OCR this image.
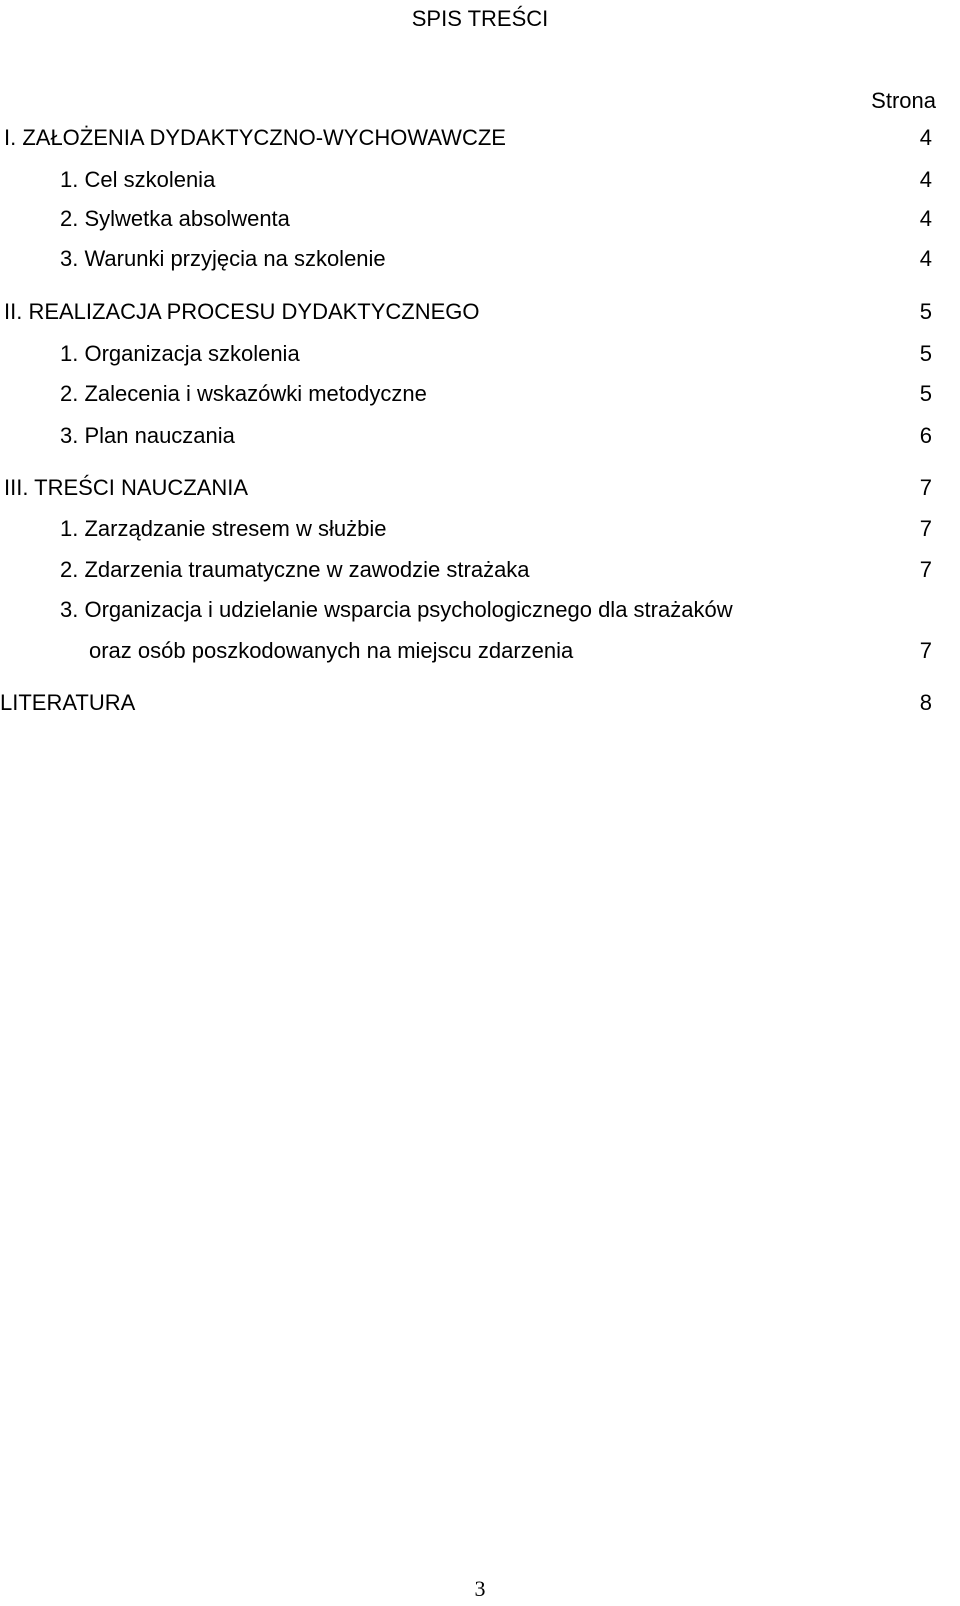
SPIS TREŚCI
Strona
I. ZAŁOŻENIA DYDAKTYCZNO-WYCHOWAWCZE	4
1. Cel szkolenia	4
2. Sylwetka absolwenta	4
3. Warunki przyjęcia na szkolenie	4
II. REALIZACJA PROCESU DYDAKTYCZNEGO	5
1. Organizacja szkolenia	5
2. Zalecenia i wskazówki metodyczne	5
3. Plan nauczania	6
III. TREŚCI NAUCZANIA	7
1. Zarządzanie stresem w służbie	7
2. Zdarzenia traumatyczne w zawodzie strażaka	7
3. Organizacja i udzielanie wsparcia psychologicznego dla strażaków
oraz osób poszkodowanych na miejscu zdarzenia	7
LITERATURA	8
3
